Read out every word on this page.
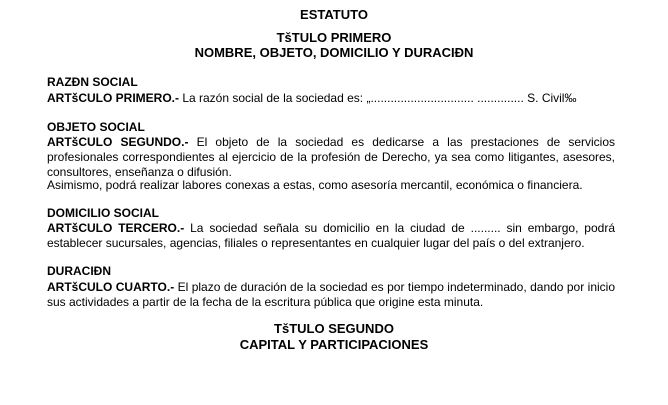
ESTATUTO
TšTULO PRIMERO
NOMBRE, OBJETO, DOMICILIO Y DURACIÐN
RAZÐN SOCIAL
ARTšCULO PRIMERO.- La razón social de la sociedad es: „............................... .............. S. Civil‰
OBJETO SOCIAL
ARTšCULO SEGUNDO.- El objeto de la sociedad es dedicarse a las prestaciones de servicios profesionales correspondientes al ejercicio de la profesión de Derecho, ya sea como litigantes, asesores, consultores, enseñanza o difusión.
Asimismo, podrá realizar labores conexas a estas, como asesoría mercantil, económica o financiera.
DOMICILIO SOCIAL
ARTšCULO TERCERO.- La sociedad señala su domicilio en la ciudad de ......... sin embargo, podrá establecer sucursales, agencias, filiales o representantes en cualquier lugar del país o del extranjero.
DURACIÐN
ARTšCULO CUARTO.- El plazo de duración de la sociedad es por tiempo indeterminado, dando por inicio sus actividades a partir de la fecha de la escritura pública que origine esta minuta.
TšTULO SEGUNDO
CAPITAL Y PARTICIPACIONES
